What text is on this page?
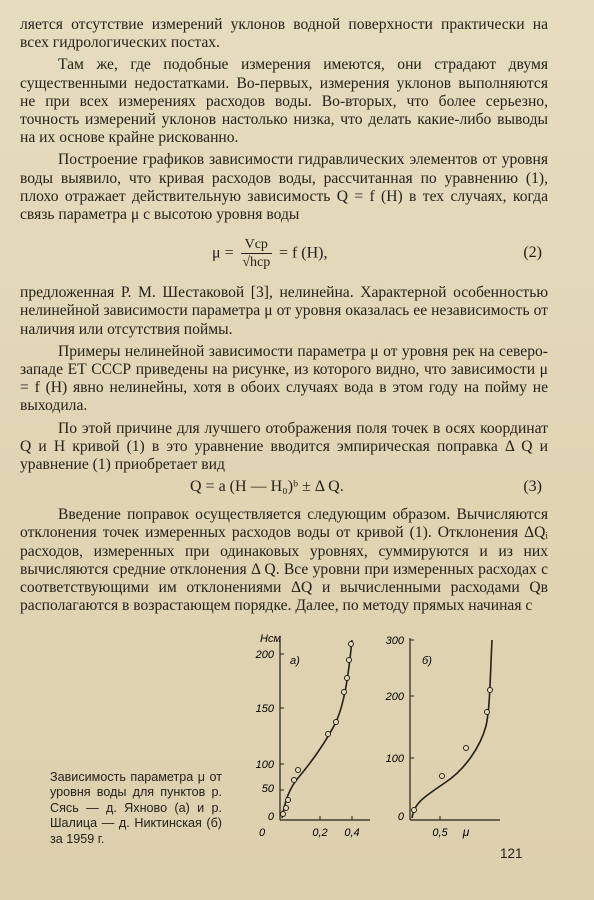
ляется отсутствие измерений уклонов водной поверхности практически на всех гидрологических постах.

Там же, где подобные измерения имеются, они страдают двумя существенными недостатками. Во-первых, измерения уклонов выполняются не при всех измерениях расходов воды. Во-вторых, что более серьезно, точность измерений уклонов настолько низка, что делать какие-либо выводы на их основе крайне рискованно.

Построение графиков зависимости гидравлических элементов от уровня воды выявило, что кривая расходов воды, рассчитанная по уравнению (1), плохо отражает действительную зависимость Q = f (H) в тех случаях, когда связь параметра μ с высотою уровня воды

$\mu = \frac{\text{Vср}}{\text{√hср}} = f$ (H),	(2)

предложенная Р. М. Шестаковой [3], нелинейна. Характерной особенностью нелинейной зависимости параметра μ от уровня оказалась ее независимость от наличия или отсутствия поймы.

Примеры нелинейной зависимости параметра μ от уровня рек на северо-западе ЕТ СССР приведены на рисунке, из которого видно, что зависимости μ = f (H) явно нелинейны, хотя в обоих случаях вода в этом году на пойму не выходила.

По этой причине для лучшего отображения поля точек в осях координат Q и H кривой (1) в это уравнение вводится эмпирическая поправка Δ Q и уравнение (1) приобретает вид

Q = a (H — H₀)ᵇ ± Δ Q.	(3)

Введение поправок осуществляется следующим образом. Вычисляются отклонения точек измеренных расходов воды от кривой (1). Отклонения ΔQᵢ расходов, измеренных при одинаковых уровнях, суммируются и из них вычисляются средние отклонения Δ Q. Все уровни при измеренных расходах с соответствующими им отклонениями ΔQ и вычисленными расходами Qв располагаются в возрастающем порядке. Далее, по методу прямых начиная с

Hсм
200
150
100
50
0
а)
0	0,2 0,4
300
200
100
0
б)
0,5 μ
Зависимость параметра μ от уровня воды для пунктов р. Сясь — д. Яхново (а) и р. Шалица — д. Никтинская (б) за 1959 г.
121
